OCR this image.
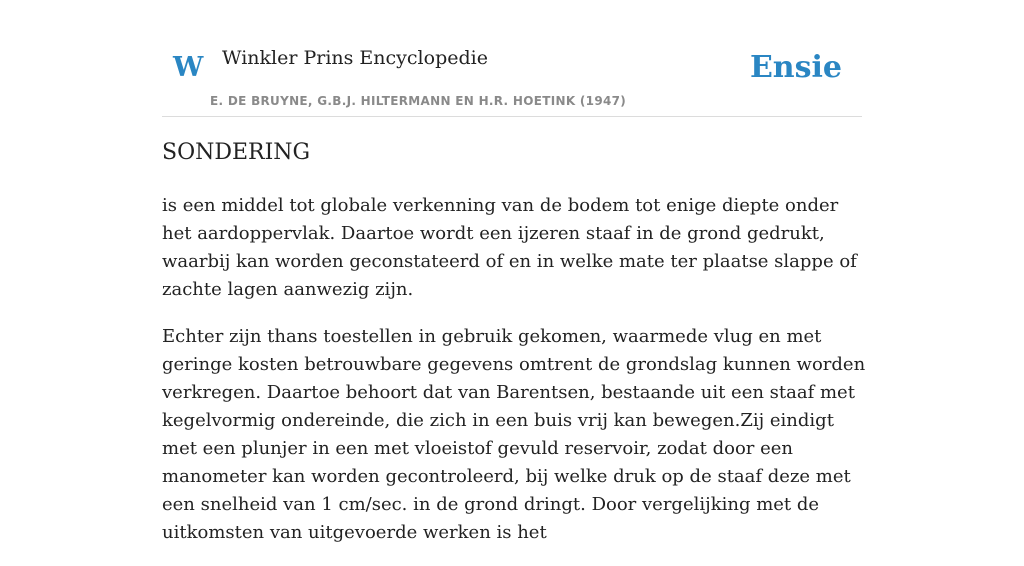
W Winkler Prins Encyclopedie
E. DE BRUYNE, G.B.J. HILTERMANN EN H.R. HOETINK (1947)
Ensie
SONDERING

is een middel tot globale verkenning van de bodem tot enige diepte onder het aardoppervlak. Daartoe wordt een ijzeren staaf in de grond gedrukt, waarbij kan worden geconstateerd of en in welke mate ter plaatse slappe of zachte lagen aanwezig zijn.

Echter zijn thans toestellen in gebruik gekomen, waarmede vlug en met geringe kosten betrouwbare gegevens omtrent de grondslag kunnen worden verkregen. Daartoe behoort dat van Barentsen, bestaande uit een staaf met kegelvormig ondereinde, die zich in een buis vrij kan bewegen.Zij eindigt met een plunjer in een met vloeistof gevuld reservoir, zodat door een manometer kan worden gecontroleerd, bij welke druk op de staaf deze met een snelheid van 1 cm/sec. in de grond dringt. Door vergelijking met de uitkomsten van uitgevoerde werken is het
